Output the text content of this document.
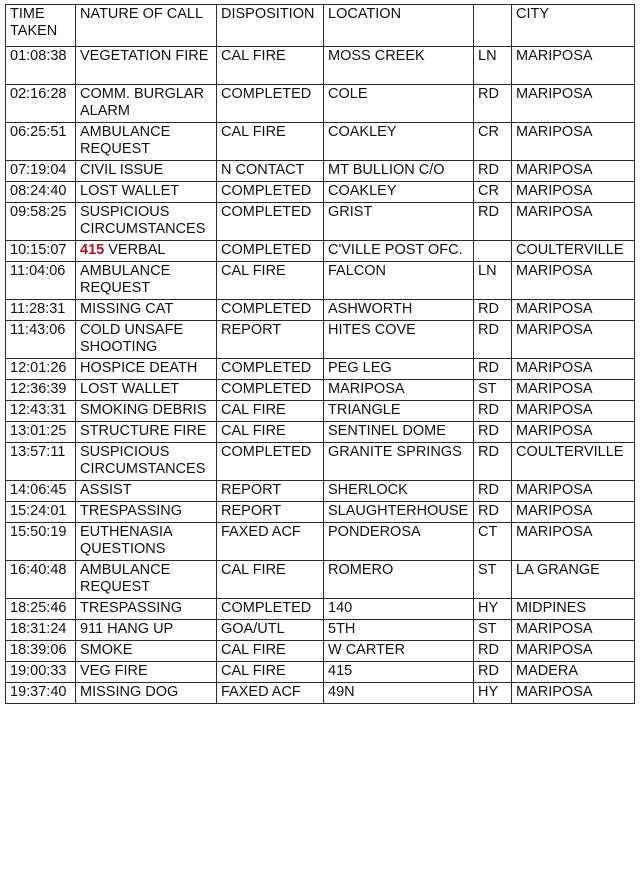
TIME TAKEN	NATURE OF CALL	DISPOSITION	LOCATION		CITY
01:08:38	VEGETATION FIRE	CAL FIRE	MOSS CREEK	LN	MARIPOSA
02:16:28	COMM. BURGLAR ALARM	COMPLETED	COLE	RD	MARIPOSA
06:25:51	AMBULANCE REQUEST	CAL FIRE	COAKLEY	CR	MARIPOSA
07:19:04	CIVIL ISSUE	N CONTACT	MT BULLION C/O	RD	MARIPOSA
08:24:40	LOST WALLET	COMPLETED	COAKLEY	CR	MARIPOSA
09:58:25	SUSPICIOUS CIRCUMSTANCES	COMPLETED	GRIST	RD	MARIPOSA
10:15:07	415 VERBAL	COMPLETED	C'VILLE POST OFC.		COULTERVILLE
11:04:06	AMBULANCE REQUEST	CAL FIRE	FALCON	LN	MARIPOSA
11:28:31	MISSING CAT	COMPLETED	ASHWORTH	RD	MARIPOSA
11:43:06	COLD UNSAFE SHOOTING	REPORT	HITES COVE	RD	MARIPOSA
12:01:26	HOSPICE DEATH	COMPLETED	PEG LEG	RD	MARIPOSA
12:36:39	LOST WALLET	COMPLETED	MARIPOSA	ST	MARIPOSA
12:43:31	SMOKING DEBRIS	CAL FIRE	TRIANGLE	RD	MARIPOSA
13:01:25	STRUCTURE FIRE	CAL FIRE	SENTINEL DOME	RD	MARIPOSA
13:57:11	SUSPICIOUS CIRCUMSTANCES	COMPLETED	GRANITE SPRINGS	RD	COULTERVILLE
14:06:45	ASSIST	REPORT	SHERLOCK	RD	MARIPOSA
15:24:01	TRESPASSING	REPORT	SLAUGHTERHOUSE	RD	MARIPOSA
15:50:19	EUTHENASIA QUESTIONS	FAXED ACF	PONDEROSA	CT	MARIPOSA
16:40:48	AMBULANCE REQUEST	CAL FIRE	ROMERO	ST	LA GRANGE
18:25:46	TRESPASSING	COMPLETED	140	HY	MIDPINES
18:31:24	911 HANG UP	GOA/UTL	5TH	ST	MARIPOSA
18:39:06	SMOKE	CAL FIRE	W CARTER	RD	MARIPOSA
19:00:33	VEG FIRE	CAL FIRE	415	RD	MADERA
19:37:40	MISSING DOG	FAXED ACF	49N	HY	MARIPOSA
